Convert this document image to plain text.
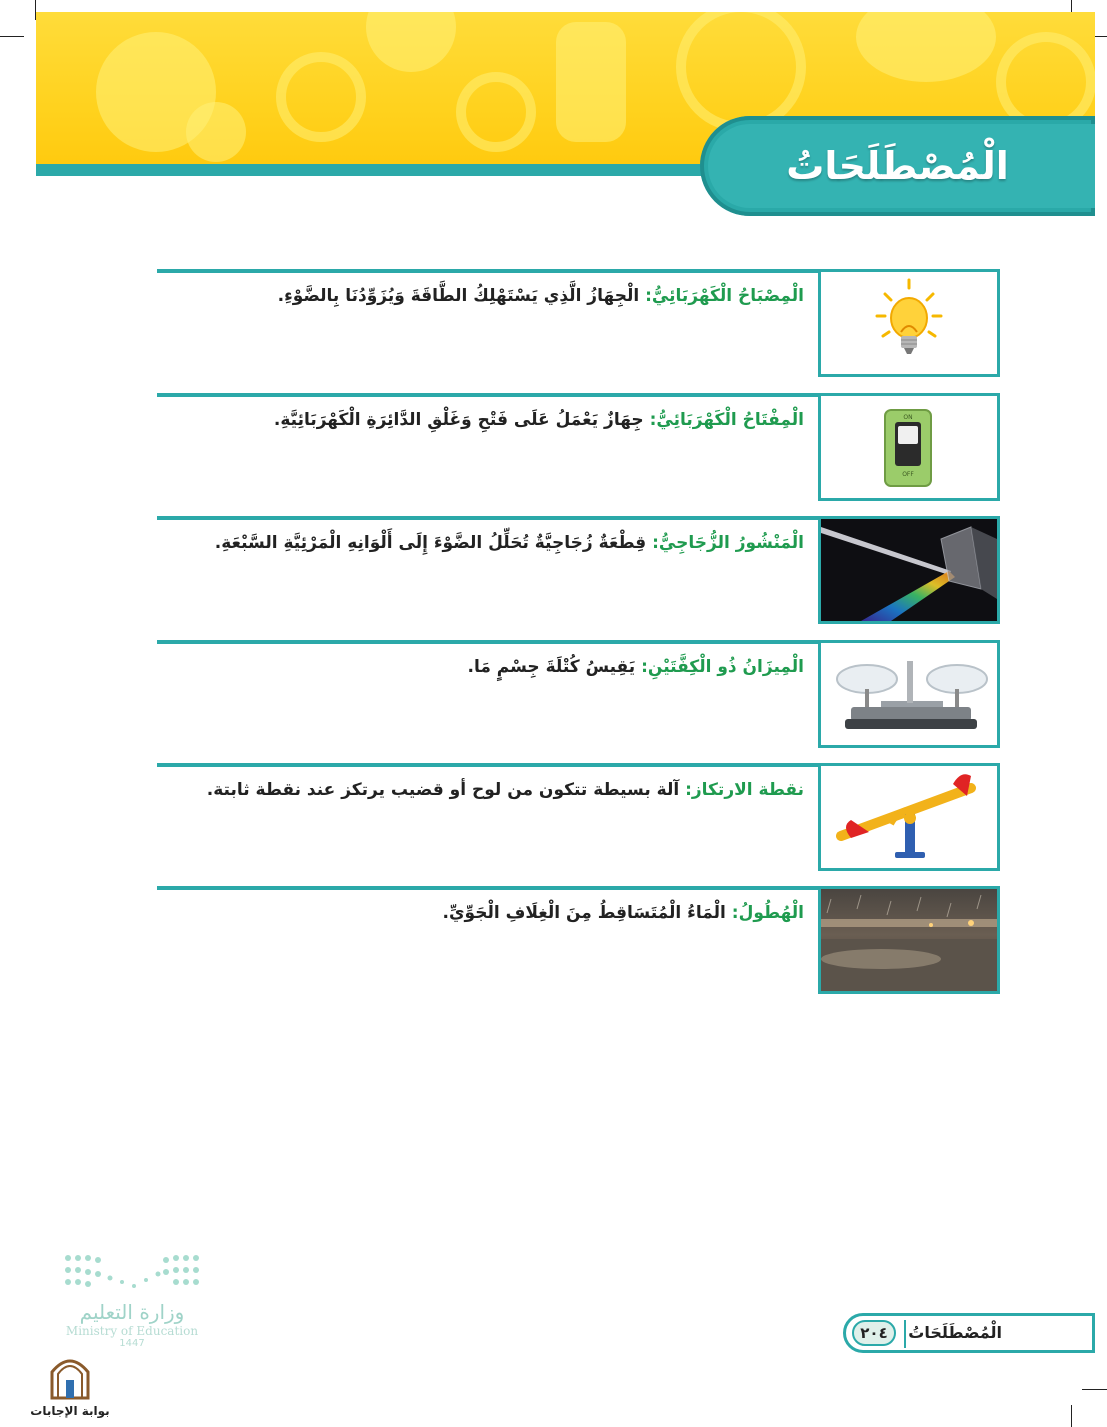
الْمُصْطَلَحَاتُ
الْمِصْبَاحُ الْكَهْرَبَائِيُّ: الْجِهَازُ الَّذِي يَسْتَهْلِكُ الطَّاقَةَ وَيُزَوِّدُنَا بِالضَّوْءِ.
الْمِفْتَاحُ الْكَهْرَبَائِيُّ: جِهَازٌ يَعْمَلُ عَلَى فَتْحِ وَغَلْقِ الدَّائِرَةِ الْكَهْرَبَائِيَّةِ.	ON
OFF
الْمَنْشُورُ الزُّجَاجِيُّ: قِطْعَةٌ زُجَاجِيَّةٌ تُحَلِّلُ الضَّوْءَ إِلَى أَلْوَانِهِ الْمَرْئِيَّةِ السَّبْعَةِ.
الْمِيزَانُ ذُو الْكِفَّتَيْنِ: يَقِيسُ كُتْلَةَ جِسْمٍ مَا.
نقطة الارتكاز: آلة بسيطة تتكون من لوح أو قضيب يرتكز عند نقطة ثابتة.
الْهُطُولُ: الْمَاءُ الْمُتَسَاقِطُ مِنَ الْغِلَافِ الْجَوِّيِّ.
وزارة التعليم
Ministry of Education
1447
بوابة الإجابات
٢٠٤	الْمُصْطَلَحَاتُ
